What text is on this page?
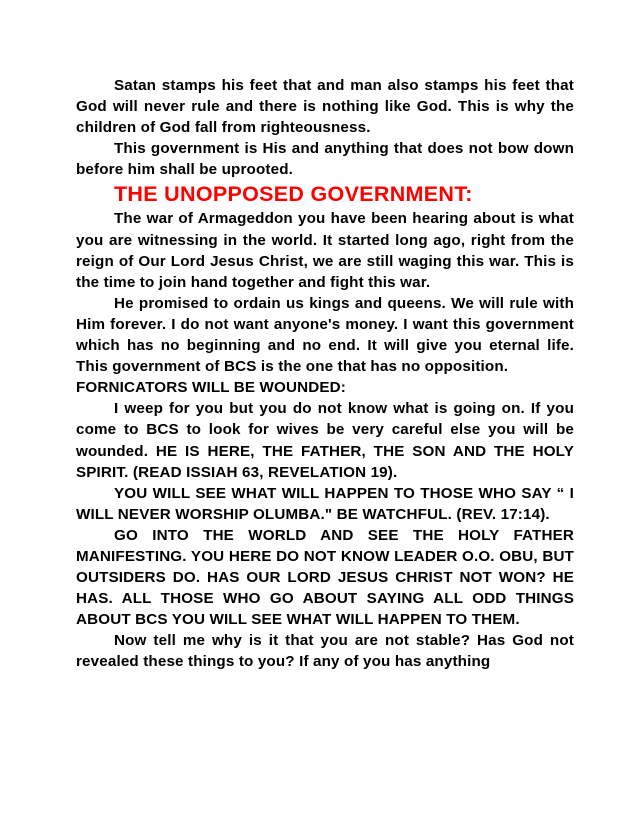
Satan stamps his feet that and man also stamps his feet that God will never rule and there is nothing like God. This is why the children of God fall from righteousness.

This government is His and anything that does not bow down before him shall be uprooted.

THE UNOPPOSED GOVERNMENT:

The war of Armageddon you have been hearing about is what you are witnessing in the world. It started long ago, right from the reign of Our Lord Jesus Christ, we are still waging this war. This is the time to join hand together and fight this war.

He promised to ordain us kings and queens. We will rule with Him forever. I do not want anyone's money. I want this government which has no beginning and no end. It will give you eternal life. This government of BCS is the one that has no opposition.

FORNICATORS WILL BE WOUNDED:

I weep for you but you do not know what is going on. If you come to BCS to look for wives be very careful else you will be wounded. HE IS HERE, THE FATHER, THE SON AND THE HOLY SPIRIT. (READ ISSIAH 63, REVELATION 19).

YOU WILL SEE WHAT WILL HAPPEN TO THOSE WHO SAY “ I WILL NEVER WORSHIP OLUMBA." BE WATCHFUL. (REV. 17:14).

GO INTO THE WORLD AND SEE THE HOLY FATHER MANIFESTING. YOU HERE DO NOT KNOW LEADER O.O. OBU, BUT OUTSIDERS DO. HAS OUR LORD JESUS CHRIST NOT WON? HE HAS. ALL THOSE WHO GO ABOUT SAYING ALL ODD THINGS ABOUT BCS YOU WILL SEE WHAT WILL HAPPEN TO THEM.

Now tell me why is it that you are not stable? Has God not revealed these things to you? If any of you has anything
